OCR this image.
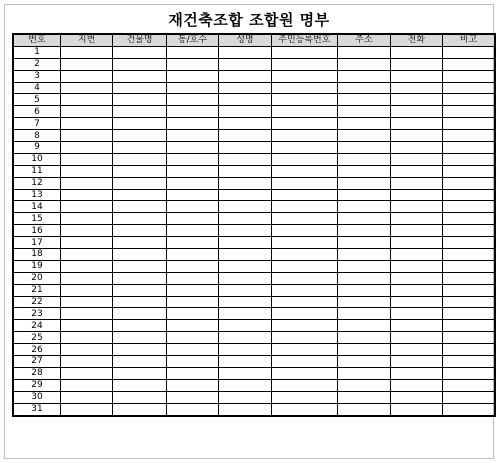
재건축조합 조합원 명부
번호	지번	건물명	동/호수	성명	주민등록번호	주소	전화	비고
1								
2								
3								
4								
5								
6								
7								
8								
9								
10								
11								
12								
13								
14								
15								
16								
17								
18								
19								
20								
21								
22								
23								
24								
25								
26								
27								
28								
29								
30								
31								
